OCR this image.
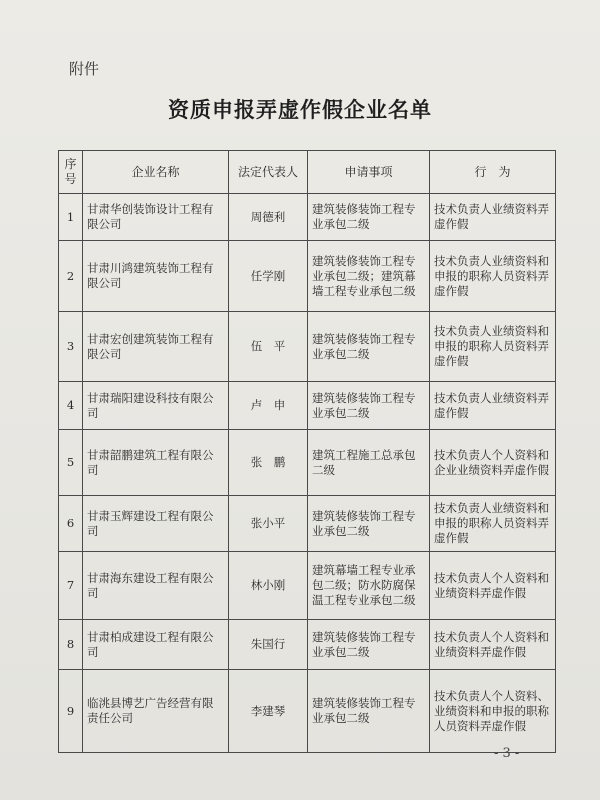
附件
资质申报弄虚作假企业名单
序号	企业名称	法定代表人	申请事项	行　为
1	甘肃华创装饰设计工程有限公司	周德利	建筑装修装饰工程专业承包二级	技术负责人业绩资料弄虚作假
2	甘肃川鸿建筑装饰工程有限公司	任学刚	建筑装修装饰工程专业承包二级；建筑幕墙工程专业承包二级	技术负责人业绩资料和申报的职称人员资料弄虚作假
3	甘肃宏创建筑装饰工程有限公司	伍　平	建筑装修装饰工程专业承包二级	技术负责人业绩资料和申报的职称人员资料弄虚作假
4	甘肃瑞阳建设科技有限公司	卢　申	建筑装修装饰工程专业承包二级	技术负责人业绩资料弄虚作假
5	甘肃韶鹏建筑工程有限公司	张　鹏	建筑工程施工总承包二级	技术负责人个人资料和企业业绩资料弄虚作假
6	甘肃玉辉建设工程有限公司	张小平	建筑装修装饰工程专业承包二级	技术负责人业绩资料和申报的职称人员资料弄虚作假
7	甘肃海东建设工程有限公司	林小刚	建筑幕墙工程专业承包二级；防水防腐保温工程专业承包二级	技术负责人个人资料和业绩资料弄虚作假
8	甘肃柏成建设工程有限公司	朱国行	建筑装修装饰工程专业承包二级	技术负责人个人资料和业绩资料弄虚作假
9	临洮县博艺广告经营有限责任公司	李建琴	建筑装修装饰工程专业承包二级	技术负责人个人资料、业绩资料和申报的职称人员资料弄虚作假
- 3 -
